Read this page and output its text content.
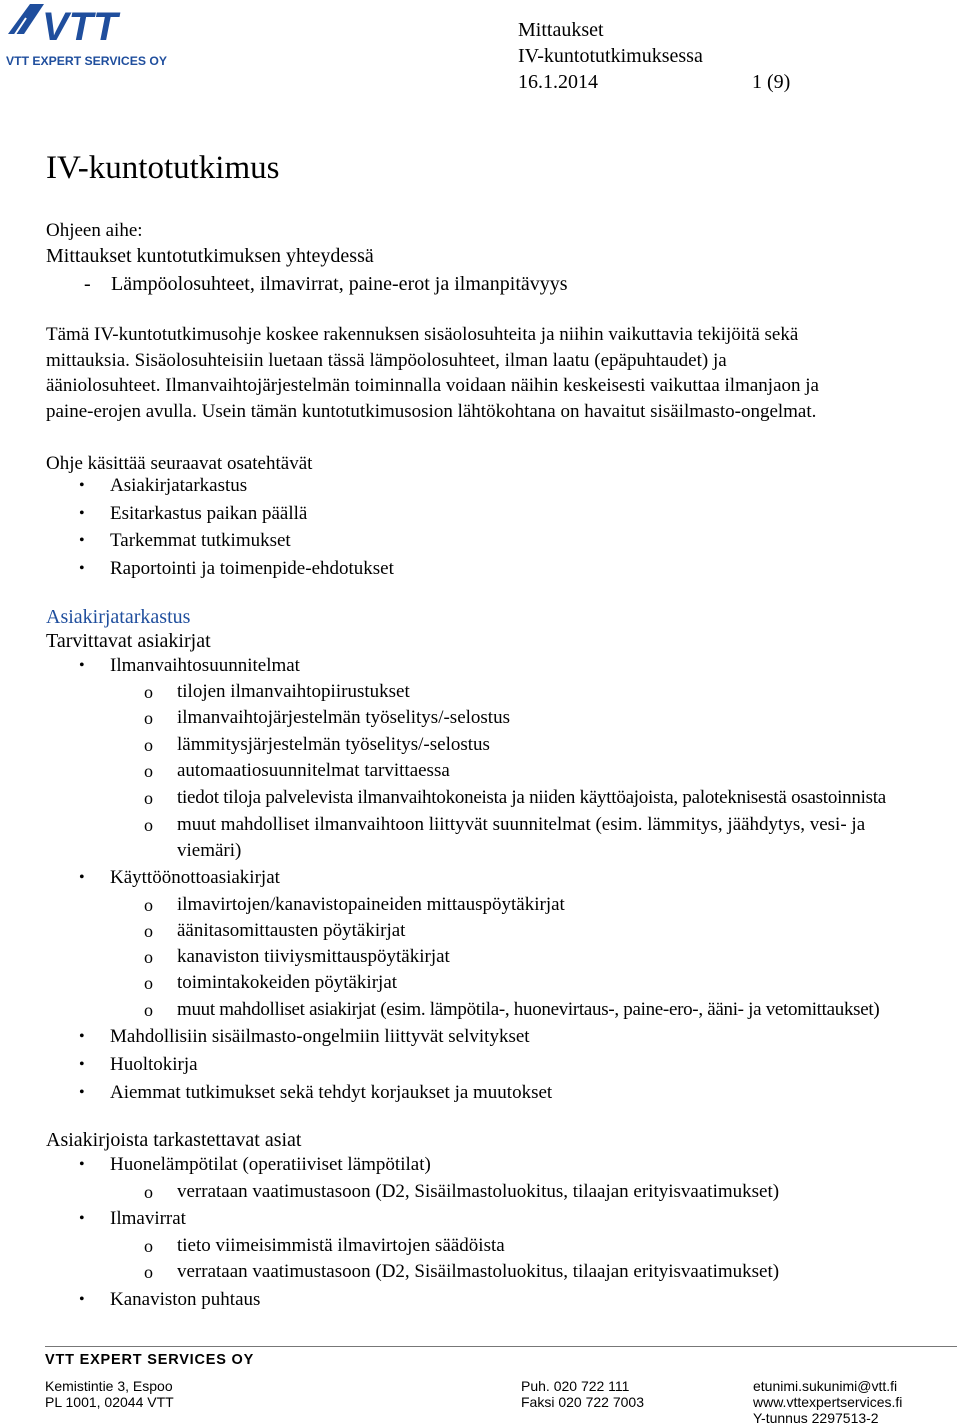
VTT
VTT EXPERT SERVICES OY
Mittaukset
IV-kuntotutkimuksessa
16.1.2014	1 (9)
IV-kuntotutkimus
Ohjeen aihe:
Mittaukset kuntotutkimuksen yhteydessä
- Lämpöolosuhteet, ilmavirrat, paine-erot ja ilmanpitävyys
Tämä IV-kuntotutkimusohje koskee rakennuksen sisäolosuhteita ja niihin vaikuttavia tekijöitä sekä
mittauksia. Sisäolosuhteisiin luetaan tässä lämpöolosuhteet, ilman laatu (epäpuhtaudet) ja
ääniolosuhteet. Ilmanvaihtojärjestelmän toiminnalla voidaan näihin keskeisesti vaikuttaa ilmanjaon ja
paine-erojen avulla. Usein tämän kuntotutkimusosion lähtökohtana on havaitut sisäilmasto-ongelmat.
Ohje käsittää seuraavat osatehtävät
• Asiakirjatarkastus
• Esitarkastus paikan päällä
• Tarkemmat tutkimukset
• Raportointi ja toimenpide-ehdotukset
Asiakirjatarkastus
Tarvittavat asiakirjat
• Ilmanvaihtosuunnitelmat
o tilojen ilmanvaihtopiirustukset
o ilmanvaihtojärjestelmän työselitys/-selostus
o lämmitysjärjestelmän työselitys/-selostus
o automaatiosuunnitelmat tarvittaessa
o tiedot tiloja palvelevista ilmanvaihtokoneista ja niiden käyttöajoista, paloteknisestä osastoinnista
o muut mahdolliset ilmanvaihtoon liittyvät suunnitelmat (esim. lämmitys, jäähdytys, vesi- ja
viemäri)
• Käyttöönottoasiakirjat
o ilmavirtojen/kanavistopaineiden mittauspöytäkirjat
o äänitasomittausten pöytäkirjat
o kanaviston tiiviysmittauspöytäkirjat
o toimintakokeiden pöytäkirjat
o muut mahdolliset asiakirjat (esim. lämpötila-, huonevirtaus-, paine-ero-, ääni- ja vetomittaukset)
• Mahdollisiin sisäilmasto-ongelmiin liittyvät selvitykset
• Huoltokirja
• Aiemmat tutkimukset sekä tehdyt korjaukset ja muutokset
Asiakirjoista tarkastettavat asiat
• Huonelämpötilat (operatiiviset lämpötilat)
o verrataan vaatimustasoon (D2, Sisäilmastoluokitus, tilaajan erityisvaatimukset)
• Ilmavirrat
o tieto viimeisimmistä ilmavirtojen säädöista
o verrataan vaatimustasoon (D2, Sisäilmastoluokitus, tilaajan erityisvaatimukset)
• Kanaviston puhtaus
VTT EXPERT SERVICES OY
Kemistintie 3, Espoo
PL 1001, 02044 VTT
Puh. 020 722 111
Faksi 020 722 7003
etunimi.sukunimi@vtt.fi
www.vttexpertservices.fi
Y-tunnus 2297513-2
